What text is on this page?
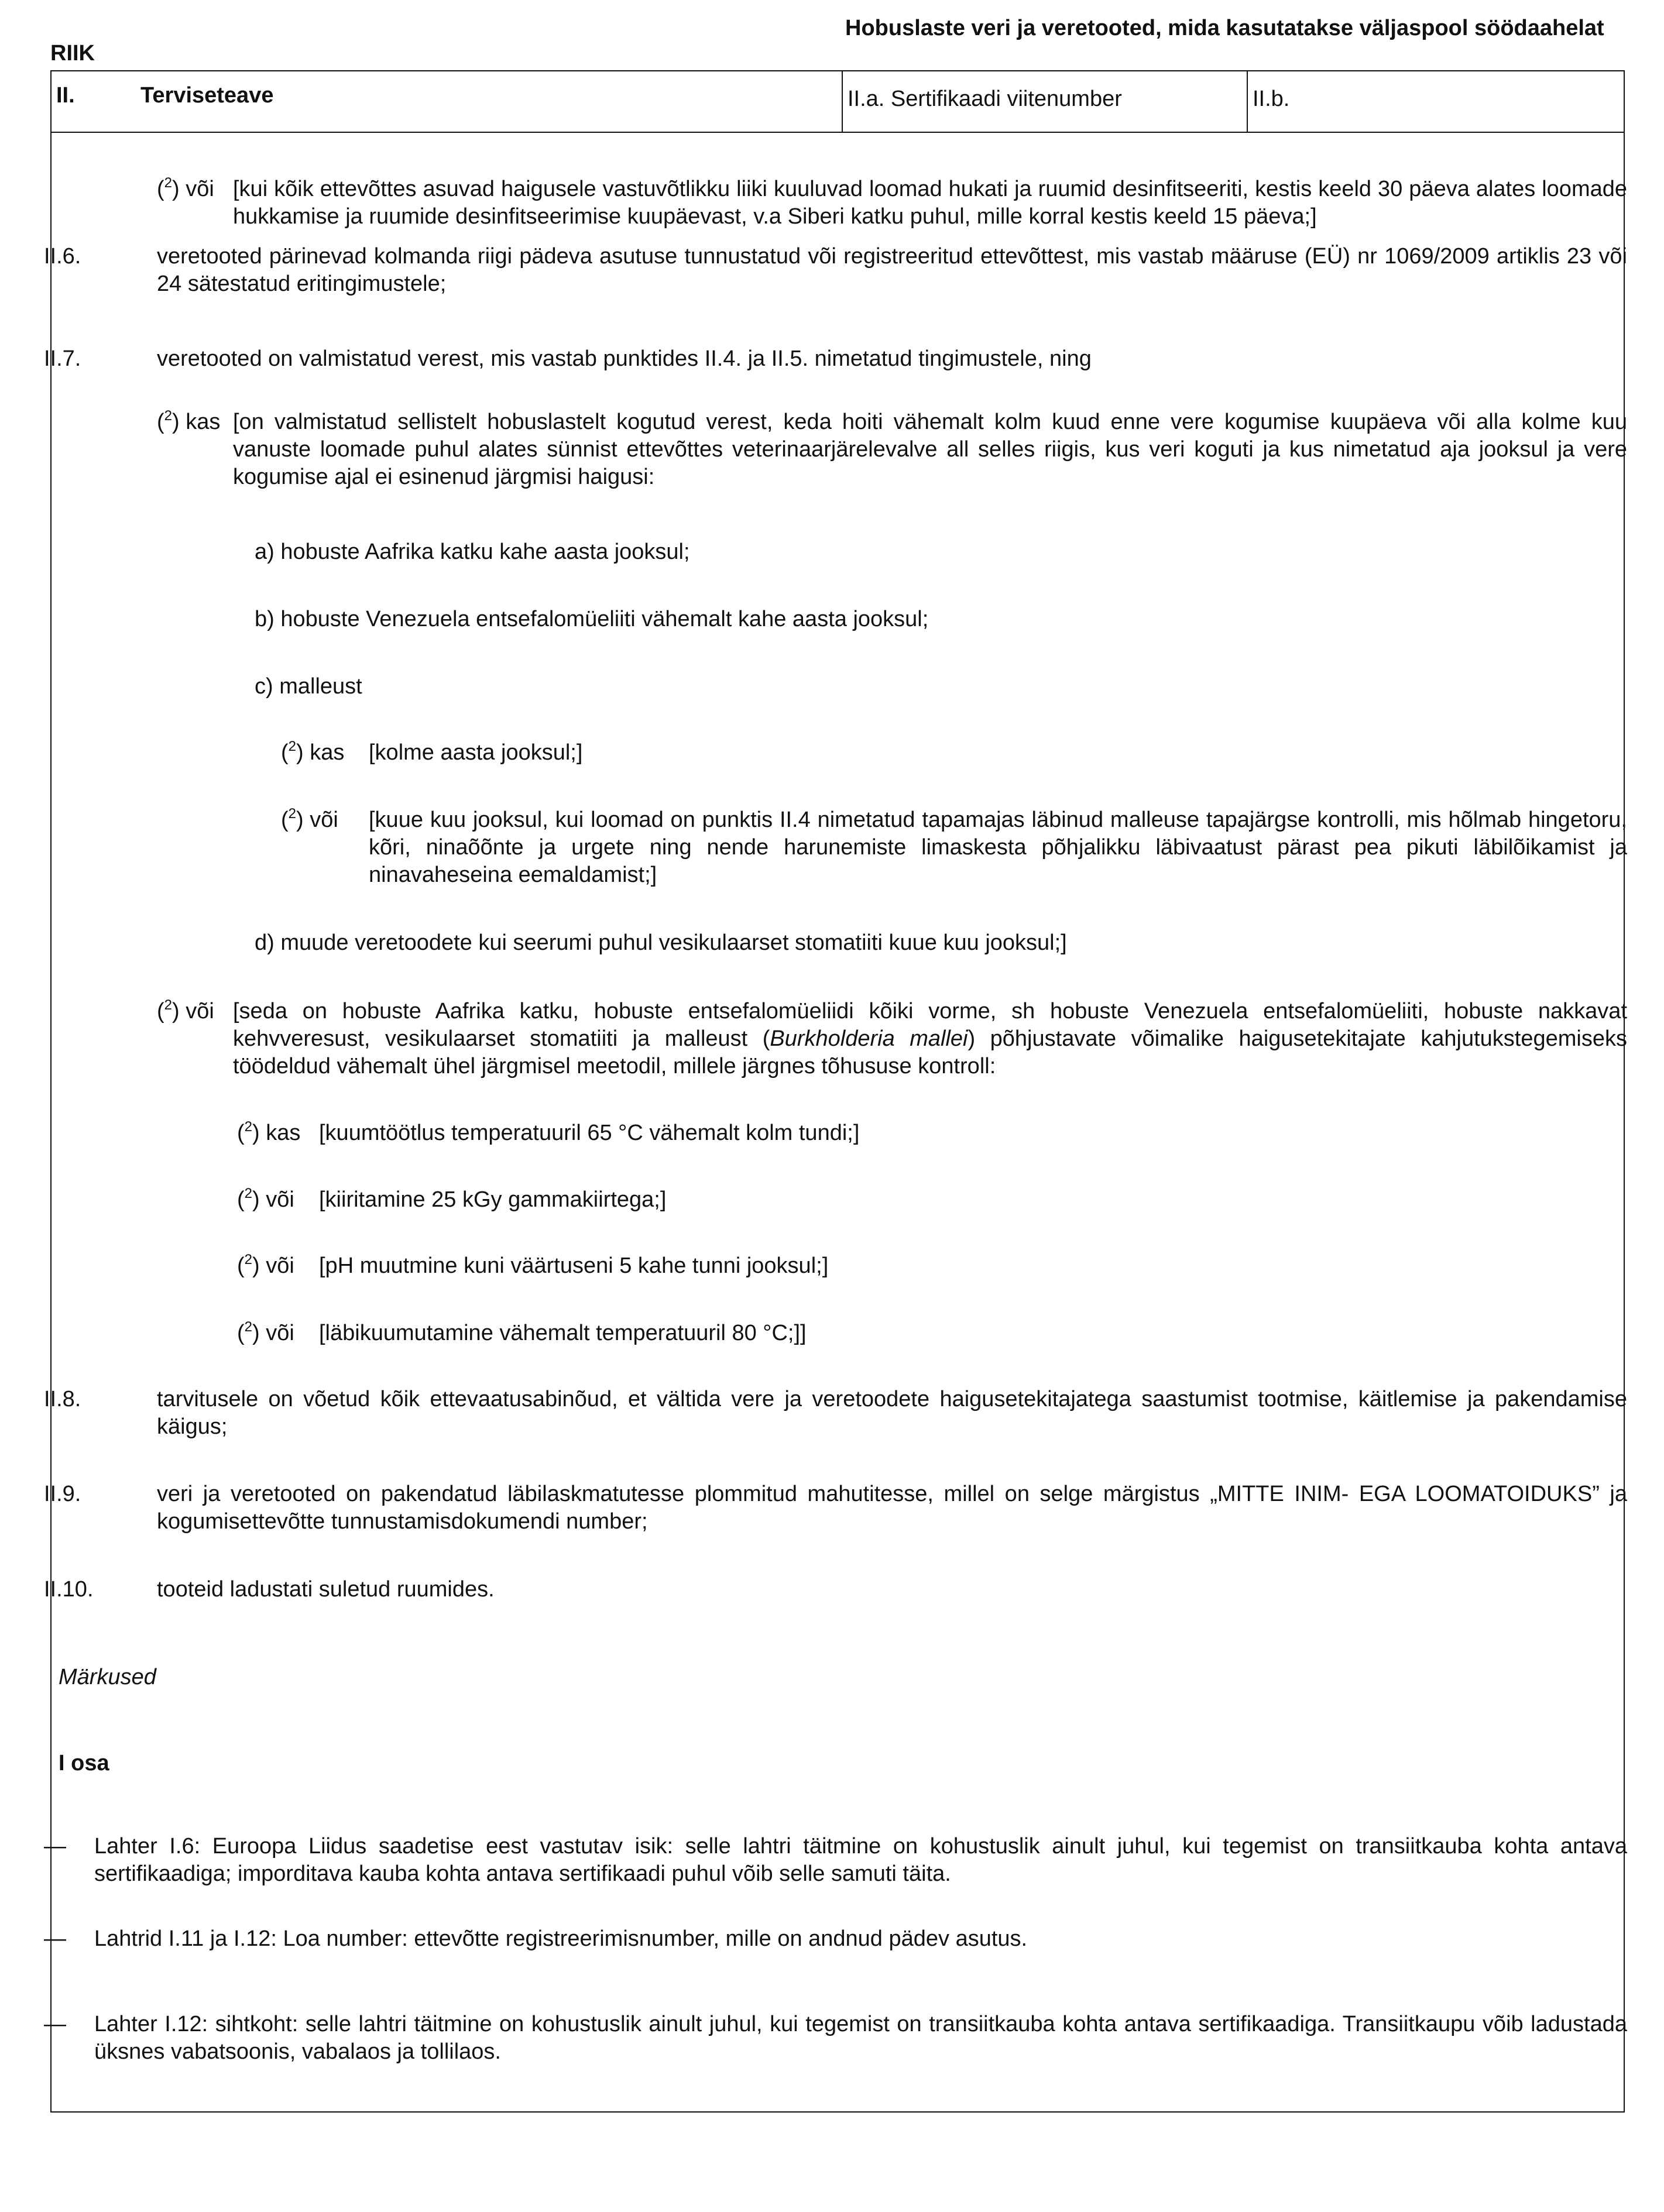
RIIK
Hobuslaste veri ja veretooted, mida kasutatakse väljaspool söödaahelat
II.	Terviseteave	II.a. Sertifikaadi viitenumber	II.b.
($^2$) või [kui kõik ettevõttes asuvad haigusele vastuvõtlikku liiki kuuluvad loomad hukati ja ruumid desinfitseeriti, kestis keeld 30 päeva alates loomade hukkamise ja ruumide desinfitseerimise kuupäevast, v.a Siberi katku puhul, mille korral kestis keeld 15 päeva;]
II.6.	veretooted pärinevad kolmanda riigi pädeva asutuse tunnustatud või registreeritud ettevõttest, mis vastab määruse (EÜ) nr 1069/2009 artiklis 23 või 24 sätestatud eritingimustele;
II.7.	veretooted on valmistatud verest, mis vastab punktides II.4. ja II.5. nimetatud tingimustele, ning
($^2$) kas [on valmistatud sellistelt hobuslastelt kogutud verest, keda hoiti vähemalt kolm kuud enne vere kogumise kuupäeva või alla kolme kuu vanuste loomade puhul alates sünnist ettevõttes veterinaarjärelevalve all selles riigis, kus veri koguti ja kus nimetatud aja jooksul ja vere kogumise ajal ei esinenud järgmisi haigusi:
a) hobuste Aafrika katku kahe aasta jooksul;
b) hobuste Venezuela entsefalomüeliiti vähemalt kahe aasta jooksul;
c) malleust
($^2$) kas	[kolme aasta jooksul;]
($^2$) või	[kuue kuu jooksul, kui loomad on punktis II.4 nimetatud tapamajas läbinud malleuse tapajärgse kontrolli, mis hõlmab hingetoru, kõri, ninaõõnte ja urgete ning nende harunemiste limaskesta põhjalikku läbivaatust pärast pea pikuti läbilõikamist ja ninavaheseina eemaldamist;]
d) muude veretoodete kui seerumi puhul vesikulaarset stomatiiti kuue kuu jooksul;]
($^2$) või [seda on hobuste Aafrika katku, hobuste entsefalomüeliidi kõiki vorme, sh hobuste Venezuela entsefalomüeliiti, hobuste nakkavat kehvveresust, vesikulaarset stomatiiti ja malleust (Burkholderia mallei) põhjustavate võimalike haigusetekitajate kahjutukstegemiseks töödeldud vähemalt ühel järgmisel meetodil, millele järgnes tõhususe kontroll:
($^2$) kas [kuumtöötlus temperatuuril 65 °C vähemalt kolm tundi;]
($^2$) või	[kiiritamine 25 kGy gammakiirtega;]
($^2$) või	[pH muutmine kuni väärtuseni 5 kahe tunni jooksul;]
($^2$) või	[läbikuumutamine vähemalt temperatuuril 80 °C;]]
II.8.	tarvitusele on võetud kõik ettevaatusabinõud, et vältida vere ja veretoodete haigusetekitajatega saastumist tootmise, käitlemise ja pakendamise käigus;
II.9.	veri ja veretooted on pakendatud läbilaskmatutesse plommitud mahutitesse, millel on selge märgistus „MITTE INIM- EGA LOOMATOIDUKS” ja kogumisettevõtte tunnustamisdokumendi number;
II.10.	tooteid ladustati suletud ruumides.
Märkused
I osa
—	Lahter I.6: Euroopa Liidus saadetise eest vastutav isik: selle lahtri täitmine on kohustuslik ainult juhul, kui tegemist on transiitkauba kohta antava sertifikaadiga; imporditava kauba kohta antava sertifikaadi puhul võib selle samuti täita.
—	Lahtrid I.11 ja I.12: Loa number: ettevõtte registreerimisnumber, mille on andnud pädev asutus.
—	Lahter I.12: sihtkoht: selle lahtri täitmine on kohustuslik ainult juhul, kui tegemist on transiitkauba kohta antava sertifikaadiga. Transiitkaupu võib ladustada üksnes vabatsoonis, vabalaos ja tollilaos.
